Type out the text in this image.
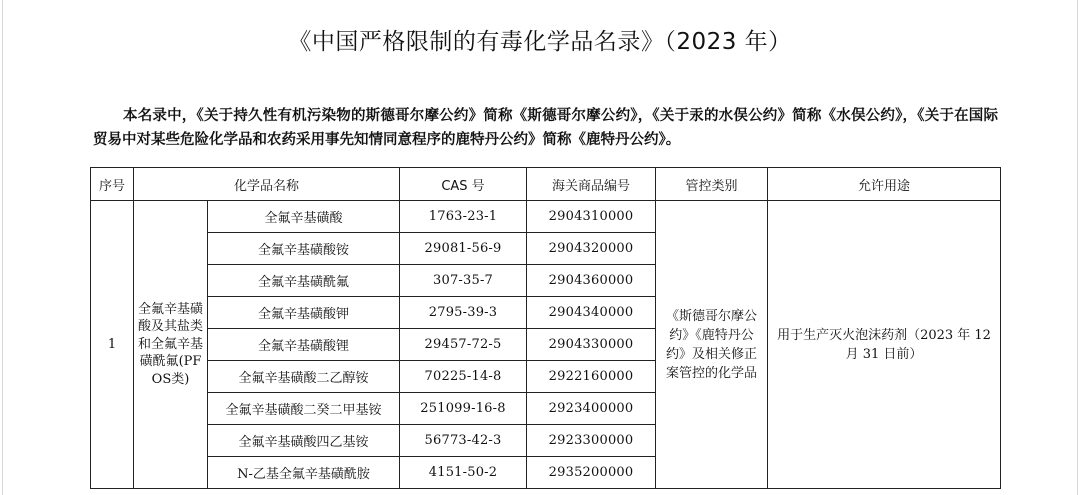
《中国严格限制的有毒化学品名录》（2023 年）

本名录中，《关于持久性有机污染物的斯德哥尔摩公约》简称《斯德哥尔摩公约》，《关于汞的水俣公约》简称《水俣公约》，《关于在国际贸易中对某些危险化学品和农药采用事先知情同意程序的鹿特丹公约》简称《鹿特丹公约》。

序号	化学品名称		CAS 号	海关商品编号	管控类别	允许用途
1	全氟辛基磺酸及其盐类和全氟辛基磺酰氟(PFOS类)	全氟辛基磺酸	1763-23-1	2904310000	《斯德哥尔摩公约》《鹿特丹公约》及相关修正案管控的化学品	用于生产灭火泡沫药剂（2023 年 12 月 31 日前）
		全氟辛基磺酸铵	29081-56-9	2904320000		
		全氟辛基磺酰氟	307-35-7	2904360000		
		全氟辛基磺酸钾	2795-39-3	2904340000		
		全氟辛基磺酸锂	29457-72-5	2904330000		
		全氟辛基磺酸二乙醇铵	70225-14-8	2922160000		
		全氟辛基磺酸二癸二甲基铵	251099-16-8	2923400000		
		全氟辛基磺酸四乙基铵	56773-42-3	2923300000		
		N-乙基全氟辛基磺酰胺	4151-50-2	2935200000		
